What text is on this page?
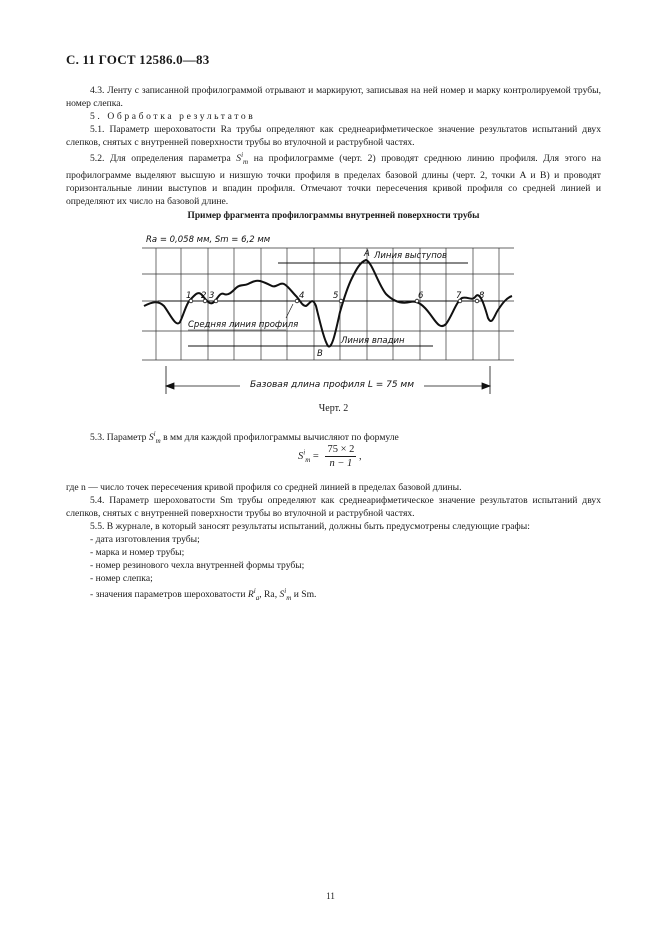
С. 11 ГОСТ 12586.0—83

4.3. Ленту с записанной профилограммой отрывают и маркируют, записывая на ней номер и марку контролируемой трубы, номер слепка.

5. Обработка результатов

5.1. Параметр шероховатости Ra трубы определяют как среднеарифметическое значение результатов испытаний двух слепков, снятых с внутренней поверхности трубы во втулочной и раструбной частях.

5.2. Для определения параметра $S^i_m$ на профилограмме (черт. 2) проводят среднюю линию профиля. Для этого на профилограмме выделяют высшую и низшую точки профиля в пределах базовой длины (черт. 2, точки A и B) и проводят горизонтальные линии выступов и впадин профиля. Отмечают точки пересечения кривой профиля со средней линией и определяют их число на базовой длине.

Пример фрагмента профилограммы внутренней поверхности трубы
Ra = 0,058 мм, Sm = 6,2 мм
Линия выступов
Линия впадин
Средняя линия профиля
A
B
1 2 3	4	5	6	7 8
Базовая длина профиля L = 75 мм
Черт. 2

5.3. Параметр $S^i_m$ в мм для каждой профилограммы вычисляют по формуле

$S^i_m = \frac{75 \times 2}{n - 1}$ ,

где n — число точек пересечения кривой профиля со средней линией в пределах базовой длины.

5.4. Параметр шероховатости Sm трубы определяют как среднеарифметическое значение результатов испытаний двух слепков, снятых с внутренней поверхности трубы во втулочной и раструбной частях.

5.5. В журнале, в который заносят результаты испытаний, должны быть предусмотрены следующие графы:

- дата изготовления трубы;
- марка и номер трубы;
- номер резинового чехла внутренней формы трубы;
- номер слепка;
- значения параметров шероховатости $R^i_a$, Ra, $S^i_m$ и Sm.
11
